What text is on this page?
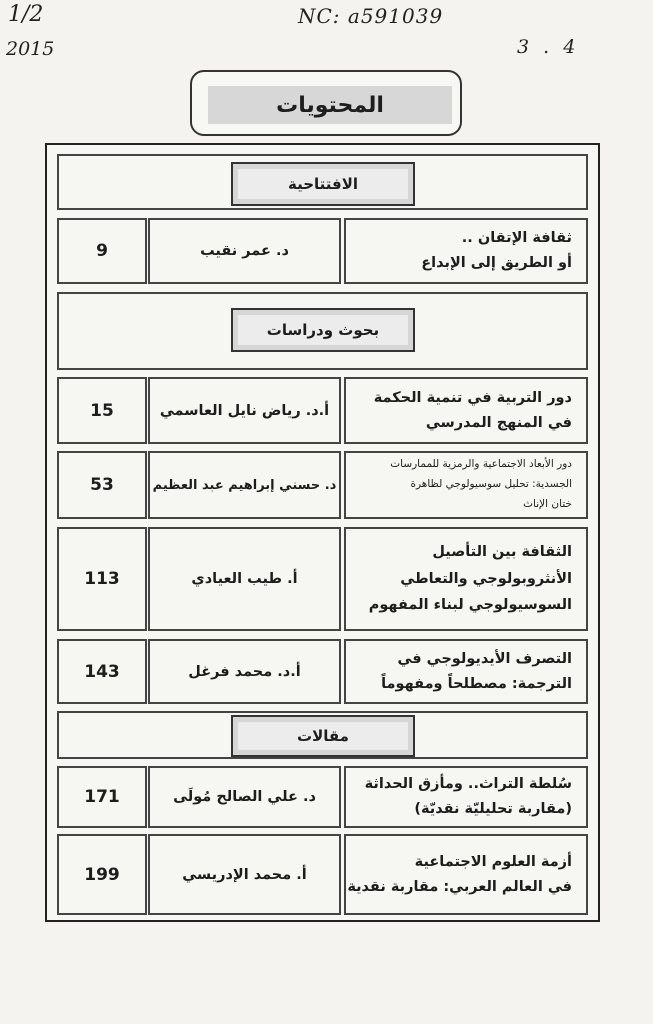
1/2
2015
NC: a591039
3 . 4
المحتويات
الافتتاحية
ثقافة الإتقان ..
أو الطريق إلى الإبداع
د. عمر نقيب
9
بحوث ودراسات
دور التربية في تنمية الحكمة
في المنهج المدرسي
أ.د. رياض نايل العاسمي
15
دور الأبعاد الاجتماعية والرمزية للممارسات
الجسدية: تحليل سوسيولوجي لظاهرة
ختان الإناث
د. حسني إبراهيم عبد العظيم
53
الثقافة بين التأصيل
الأنثروبولوجي والتعاطي
السوسيولوجي لبناء المفهوم
أ. طيب العيادي
113
التصرف الأيديولوجي في
الترجمة: مصطلحاً ومفهوماً
أ.د. محمد فرغل
143
مقالات
سُلطة التراث.. ومأزق الحداثة
(مقاربة تحليليّة نقديّة)
د. علي الصالح مُولَى
171
أزمة العلوم الاجتماعية
في العالم العربي: مقاربة نقدية
أ. محمد الإدريسي
199
